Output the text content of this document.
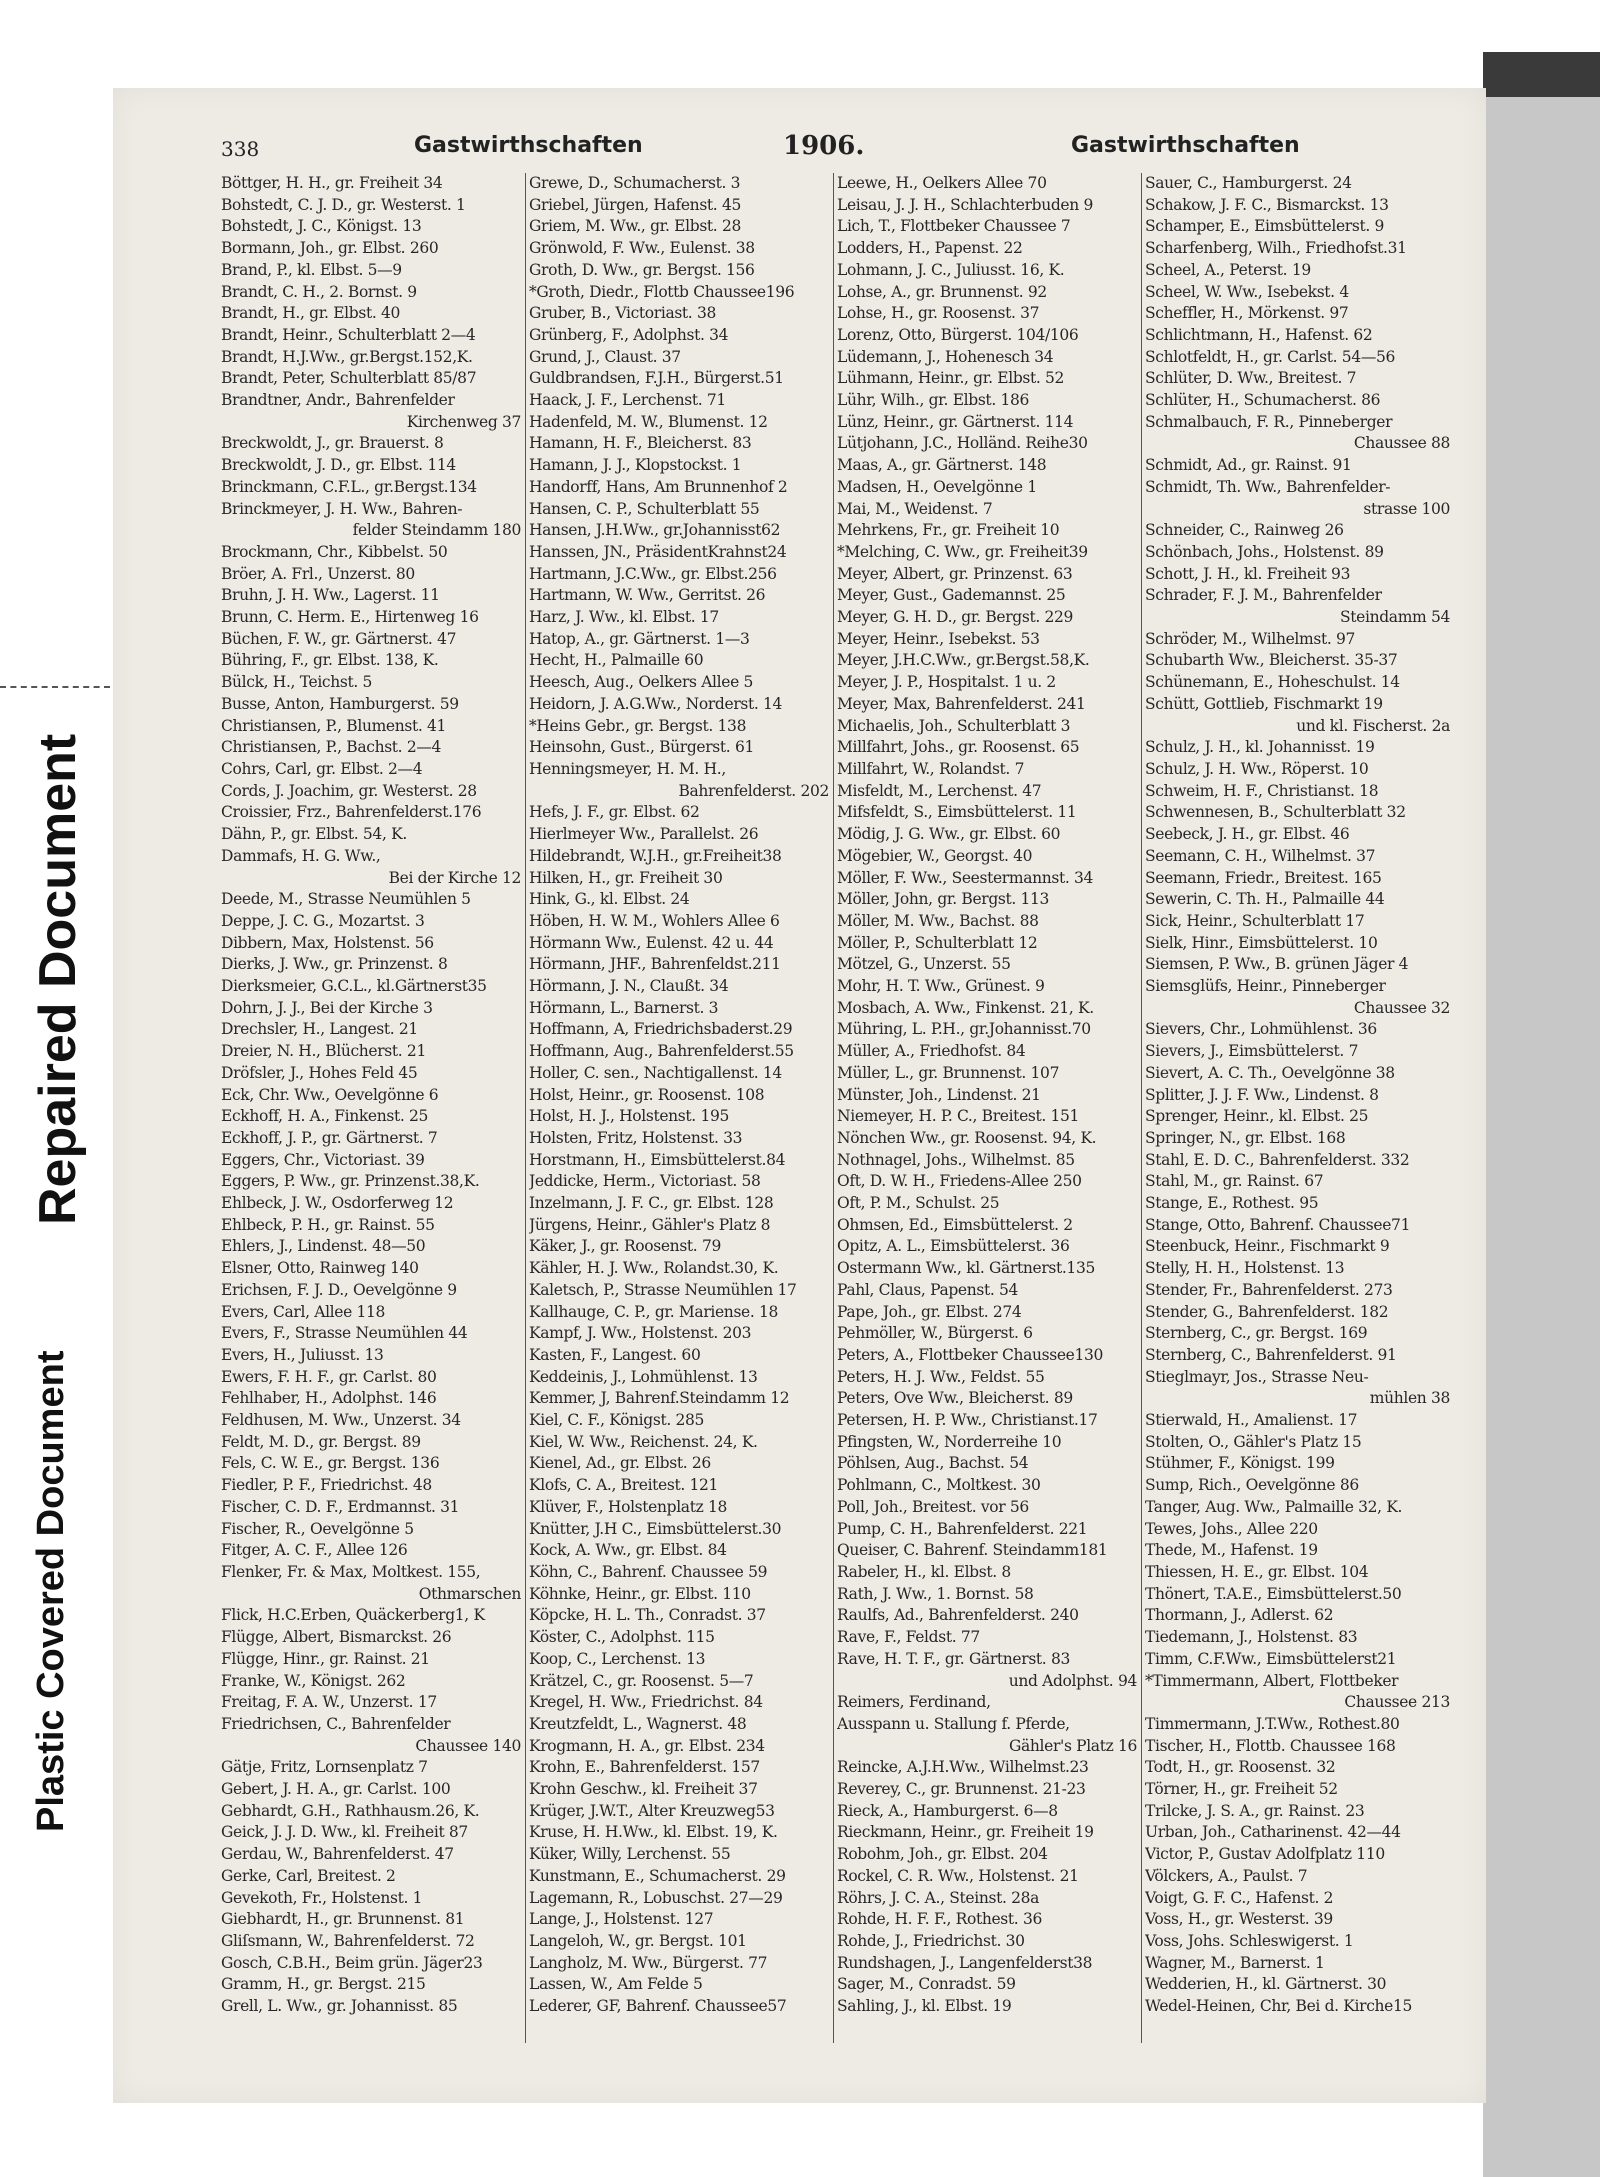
Repaired Document
Plastic Covered Document
338	Gastwirthschaften	1906.	Gastwirthschaften
Böttger, H. H., gr. Freiheit 34
Bohstedt, C. J. D., gr. Westerst. 1
Bohstedt, J. C., Königst. 13
Bormann, Joh., gr. Elbst. 260
Brand, P., kl. Elbst. 5—9
Brandt, C. H., 2. Bornst. 9
Brandt, H., gr. Elbst. 40
Brandt, Heinr., Schulterblatt 2—4
Brandt, H.J.Ww., gr.Bergst.152,K.
Brandt, Peter, Schulterblatt 85/87
Brandtner, Andr., Bahrenfelder
Kirchenweg 37
Breckwoldt, J., gr. Brauerst. 8
Breckwoldt, J. D., gr. Elbst. 114
Brinckmann, C.F.L., gr.Bergst.134
Brinckmeyer, J. H. Ww., Bahren-
felder Steindamm 180
Brockmann, Chr., Kibbelst. 50
Bröer, A. Frl., Unzerst. 80
Bruhn, J. H. Ww., Lagerst. 11
Brunn, C. Herm. E., Hirtenweg 16
Büchen, F. W., gr. Gärtnerst. 47
Bühring, F., gr. Elbst. 138, K.
Bülck, H., Teichst. 5
Busse, Anton, Hamburgerst. 59
Christiansen, P., Blumenst. 41
Christiansen, P., Bachst. 2—4
Cohrs, Carl, gr. Elbst. 2—4
Cords, J. Joachim, gr. Westerst. 28
Croissier, Frz., Bahrenfelderst.176
Dähn, P., gr. Elbst. 54, K.
Dammafs, H. G. Ww.,
Bei der Kirche 12
Deede, M., Strasse Neumühlen 5
Deppe, J. C. G., Mozartst. 3
Dibbern, Max, Holstenst. 56
Dierks, J. Ww., gr. Prinzenst. 8
Dierksmeier, G.C.L., kl.Gärtnerst35
Dohrn, J. J., Bei der Kirche 3
Drechsler, H., Langest. 21
Dreier, N. H., Blücherst. 21
Dröfsler, J., Hohes Feld 45
Eck, Chr. Ww., Oevelgönne 6
Eckhoff, H. A., Finkenst. 25
Eckhoff, J. P., gr. Gärtnerst. 7
Eggers, Chr., Victoriast. 39
Eggers, P. Ww., gr. Prinzenst.38,K.
Ehlbeck, J. W., Osdorferweg 12
Ehlbeck, P. H., gr. Rainst. 55
Ehlers, J., Lindenst. 48—50
Elsner, Otto, Rainweg 140
Erichsen, F. J. D., Oevelgönne 9
Evers, Carl, Allee 118
Evers, F., Strasse Neumühlen 44
Evers, H., Juliusst. 13
Ewers, F. H. F., gr. Carlst. 80
Fehlhaber, H., Adolphst. 146
Feldhusen, M. Ww., Unzerst. 34
Feldt, M. D., gr. Bergst. 89
Fels, C. W. E., gr. Bergst. 136
Fiedler, P. F., Friedrichst. 48
Fischer, C. D. F., Erdmannst. 31
Fischer, R., Oevelgönne 5
Fitger, A. C. F., Allee 126
Flenker, Fr. & Max, Moltkest. 155,
Othmarschen
Flick, H.C.Erben, Quäckerberg1, K
Flügge, Albert, Bismarckst. 26
Flügge, Hinr., gr. Rainst. 21
Franke, W., Königst. 262
Freitag, F. A. W., Unzerst. 17
Friedrichsen, C., Bahrenfelder
Chaussee 140
Gätje, Fritz, Lornsenplatz 7
Gebert, J. H. A., gr. Carlst. 100
Gebhardt, G.H., Rathhausm.26, K.
Geick, J. J. D. Ww., kl. Freiheit 87
Gerdau, W., Bahrenfelderst. 47
Gerke, Carl, Breitest. 2
Gevekoth, Fr., Holstenst. 1
Giebhardt, H., gr. Brunnenst. 81
Gliſsmann, W., Bahrenfelderst. 72
Gosch, C.B.H., Beim grün. Jäger23
Gramm, H., gr. Bergst. 215
Grell, L. Ww., gr. Johannisst. 85
Grewe, D., Schumacherst. 3
Griebel, Jürgen, Hafenst. 45
Griem, M. Ww., gr. Elbst. 28
Grönwold, F. Ww., Eulenst. 38
Groth, D. Ww., gr. Bergst. 156
*Groth, Diedr., Flottb Chaussee196
Gruber, B., Victoriast. 38
Grünberg, F., Adolphst. 34
Grund, J., Claust. 37
Guldbrandsen, F.J.H., Bürgerst.51
Haack, J. F., Lerchenst. 71
Hadenfeld, M. W., Blumenst. 12
Hamann, H. F., Bleicherst. 83
Hamann, J. J., Klopstockst. 1
Handorff, Hans, Am Brunnenhof 2
Hansen, C. P., Schulterblatt 55
Hansen, J.H.Ww., gr.Johannisst62
Hanssen, JN., PräsidentKrahnst24
Hartmann, J.C.Ww., gr. Elbst.256
Hartmann, W. Ww., Gerritst. 26
Harz, J. Ww., kl. Elbst. 17
Hatop, A., gr. Gärtnerst. 1—3
Hecht, H., Palmaille 60
Heesch, Aug., Oelkers Allee 5
Heidorn, J. A.G.Ww., Norderst. 14
*Heins Gebr., gr. Bergst. 138
Heinsohn, Gust., Bürgerst. 61
Henningsmeyer, H. M. H.,
Bahrenfelderst. 202
Hefs, J. F., gr. Elbst. 62
Hierlmeyer Ww., Parallelst. 26
Hildebrandt, W.J.H., gr.Freiheit38
Hilken, H., gr. Freiheit 30
Hink, G., kl. Elbst. 24
Höben, H. W. M., Wohlers Allee 6
Hörmann Ww., Eulenst. 42 u. 44
Hörmann, JHF., Bahrenfeldst.211
Hörmann, J. N., Claußt. 34
Hörmann, L., Barnerst. 3
Hoffmann, A, Friedrichsbaderst.29
Hoffmann, Aug., Bahrenfelderst.55
Holler, C. sen., Nachtigallenst. 14
Holst, Heinr., gr. Roosenst. 108
Holst, H. J., Holstenst. 195
Holsten, Fritz, Holstenst. 33
Horstmann, H., Eimsbüttelerst.84
Jeddicke, Herm., Victoriast. 58
Inzelmann, J. F. C., gr. Elbst. 128
Jürgens, Heinr., Gähler's Platz 8
Käker, J., gr. Roosenst. 79
Kähler, H. J. Ww., Rolandst.30, K.
Kaletsch, P., Strasse Neumühlen 17
Kallhauge, C. P., gr. Mariense. 18
Kampf, J. Ww., Holstenst. 203
Kasten, F., Langest. 60
Keddeinis, J., Lohmühlenst. 13
Kemmer, J, Bahrenf.Steindamm 12
Kiel, C. F., Königst. 285
Kiel, W. Ww., Reichenst. 24, K.
Kienel, Ad., gr. Elbst. 26
Klofs, C. A., Breitest. 121
Klüver, F., Holstenplatz 18
Knütter, J.H C., Eimsbüttelerst.30
Kock, A. Ww., gr. Elbst. 84
Köhn, C., Bahrenf. Chaussee 59
Köhnke, Heinr., gr. Elbst. 110
Köpcke, H. L. Th., Conradst. 37
Köster, C., Adolphst. 115
Koop, C., Lerchenst. 13
Krätzel, C., gr. Roosenst. 5—7
Kregel, H. Ww., Friedrichst. 84
Kreutzfeldt, L., Wagnerst. 48
Krogmann, H. A., gr. Elbst. 234
Krohn, E., Bahrenfelderst. 157
Krohn Geschw., kl. Freiheit 37
Krüger, J.W.T., Alter Kreuzweg53
Kruse, H. H.Ww., kl. Elbst. 19, K.
Küker, Willy, Lerchenst. 55
Kunstmann, E., Schumacherst. 29
Lagemann, R., Lobuschst. 27—29
Lange, J., Holstenst. 127
Langeloh, W., gr. Bergst. 101
Langholz, M. Ww., Bürgerst. 77
Lassen, W., Am Felde 5
Lederer, GF, Bahrenf. Chaussee57
Leewe, H., Oelkers Allee 70
Leisau, J. J. H., Schlachterbuden 9
Lich, T., Flottbeker Chaussee 7
Lodders, H., Papenst. 22
Lohmann, J. C., Juliusst. 16, K.
Lohse, A., gr. Brunnenst. 92
Lohse, H., gr. Roosenst. 37
Lorenz, Otto, Bürgerst. 104/106
Lüdemann, J., Hohenesch 34
Lühmann, Heinr., gr. Elbst. 52
Lühr, Wilh., gr. Elbst. 186
Lünz, Heinr., gr. Gärtnerst. 114
Lütjohann, J.C., Holländ. Reihe30
Maas, A., gr. Gärtnerst. 148
Madsen, H., Oevelgönne 1
Mai, M., Weidenst. 7
Mehrkens, Fr., gr. Freiheit 10
*Melching, C. Ww., gr. Freiheit39
Meyer, Albert, gr. Prinzenst. 63
Meyer, Gust., Gademannst. 25
Meyer, G. H. D., gr. Bergst. 229
Meyer, Heinr., Isebekst. 53
Meyer, J.H.C.Ww., gr.Bergst.58,K.
Meyer, J. P., Hospitalst. 1 u. 2
Meyer, Max, Bahrenfelderst. 241
Michaelis, Joh., Schulterblatt 3
Millfahrt, Johs., gr. Roosenst. 65
Millfahrt, W., Rolandst. 7
Misfeldt, M., Lerchenst. 47
Mifsfeldt, S., Eimsbüttelerst. 11
Mödig, J. G. Ww., gr. Elbst. 60
Mögebier, W., Georgst. 40
Möller, F. Ww., Seestermannst. 34
Möller, John, gr. Bergst. 113
Möller, M. Ww., Bachst. 88
Möller, P., Schulterblatt 12
Mötzel, G., Unzerst. 55
Mohr, H. T. Ww., Grünest. 9
Mosbach, A. Ww., Finkenst. 21, K.
Mühring, L. P.H., gr.Johannisst.70
Müller, A., Friedhofst. 84
Müller, L., gr. Brunnenst. 107
Münster, Joh., Lindenst. 21
Niemeyer, H. P. C., Breitest. 151
Nönchen Ww., gr. Roosenst. 94, K.
Nothnagel, Johs., Wilhelmst. 85
Oft, D. W. H., Friedens-Allee 250
Oft, P. M., Schulst. 25
Ohmsen, Ed., Eimsbüttelerst. 2
Opitz, A. L., Eimsbüttelerst. 36
Ostermann Ww., kl. Gärtnerst.135
Pahl, Claus, Papenst. 54
Pape, Joh., gr. Elbst. 274
Pehmöller, W., Bürgerst. 6
Peters, A., Flottbeker Chaussee130
Peters, H. J. Ww., Feldst. 55
Peters, Ove Ww., Bleicherst. 89
Petersen, H. P. Ww., Christianst.17
Pfingsten, W., Norderreihe 10
Pöhlsen, Aug., Bachst. 54
Pohlmann, C., Moltkest. 30
Poll, Joh., Breitest. vor 56
Pump, C. H., Bahrenfelderst. 221
Queiser, C. Bahrenf. Steindamm181
Rabeler, H., kl. Elbst. 8
Rath, J. Ww., 1. Bornst. 58
Raulfs, Ad., Bahrenfelderst. 240
Rave, F., Feldst. 77
Rave, H. T. F., gr. Gärtnerst. 83
und Adolphst. 94
Reimers, Ferdinand,
Ausspann u. Stallung f. Pferde,
Gähler's Platz 16
Reincke, A.J.H.Ww., Wilhelmst.23
Reverey, C., gr. Brunnenst. 21-23
Rieck, A., Hamburgerst. 6—8
Rieckmann, Heinr., gr. Freiheit 19
Robohm, Joh., gr. Elbst. 204
Rockel, C. R. Ww., Holstenst. 21
Röhrs, J. C. A., Steinst. 28a
Rohde, H. F. F., Rothest. 36
Rohde, J., Friedrichst. 30
Rundshagen, J., Langenfelderst38
Sager, M., Conradst. 59
Sahling, J., kl. Elbst. 19
Sauer, C., Hamburgerst. 24
Schakow, J. F. C., Bismarckst. 13
Schamper, E., Eimsbüttelerst. 9
Scharfenberg, Wilh., Friedhofst.31
Scheel, A., Peterst. 19
Scheel, W. Ww., Isebekst. 4
Scheffler, H., Mörkenst. 97
Schlichtmann, H., Hafenst. 62
Schlotfeldt, H., gr. Carlst. 54—56
Schlüter, D. Ww., Breitest. 7
Schlüter, H., Schumacherst. 86
Schmalbauch, F. R., Pinneberger
Chaussee 88
Schmidt, Ad., gr. Rainst. 91
Schmidt, Th. Ww., Bahrenfelder-
strasse 100
Schneider, C., Rainweg 26
Schönbach, Johs., Holstenst. 89
Schott, J. H., kl. Freiheit 93
Schrader, F. J. M., Bahrenfelder
Steindamm 54
Schröder, M., Wilhelmst. 97
Schubarth Ww., Bleicherst. 35-37
Schünemann, E., Hoheschulst. 14
Schütt, Gottlieb, Fischmarkt 19
und kl. Fischerst. 2a
Schulz, J. H., kl. Johannisst. 19
Schulz, J. H. Ww., Röperst. 10
Schweim, H. F., Christianst. 18
Schwennesen, B., Schulterblatt 32
Seebeck, J. H., gr. Elbst. 46
Seemann, C. H., Wilhelmst. 37
Seemann, Friedr., Breitest. 165
Sewerin, C. Th. H., Palmaille 44
Sick, Heinr., Schulterblatt 17
Sielk, Hinr., Eimsbüttelerst. 10
Siemsen, P. Ww., B. grünen Jäger 4
Siemsglüfs, Heinr., Pinneberger
Chaussee 32
Sievers, Chr., Lohmühlenst. 36
Sievers, J., Eimsbüttelerst. 7
Sievert, A. C. Th., Oevelgönne 38
Splitter, J. J. F. Ww., Lindenst. 8
Sprenger, Heinr., kl. Elbst. 25
Springer, N., gr. Elbst. 168
Stahl, E. D. C., Bahrenfelderst. 332
Stahl, M., gr. Rainst. 67
Stange, E., Rothest. 95
Stange, Otto, Bahrenf. Chaussee71
Steenbuck, Heinr., Fischmarkt 9
Stelly, H. H., Holstenst. 13
Stender, Fr., Bahrenfelderst. 273
Stender, G., Bahrenfelderst. 182
Sternberg, C., gr. Bergst. 169
Sternberg, C., Bahrenfelderst. 91
Stieglmayr, Jos., Strasse Neu-
mühlen 38
Stierwald, H., Amalienst. 17
Stolten, O., Gähler's Platz 15
Stühmer, F., Königst. 199
Sump, Rich., Oevelgönne 86
Tanger, Aug. Ww., Palmaille 32, K.
Tewes, Johs., Allee 220
Thede, M., Hafenst. 19
Thiessen, H. E., gr. Elbst. 104
Thönert, T.A.E., Eimsbüttelerst.50
Thormann, J., Adlerst. 62
Tiedemann, J., Holstenst. 83
Timm, C.F.Ww., Eimsbüttelerst21
*Timmermann, Albert, Flottbeker
Chaussee 213
Timmermann, J.T.Ww., Rothest.80
Tischer, H., Flottb. Chaussee 168
Todt, H., gr. Roosenst. 32
Törner, H., gr. Freiheit 52
Trilcke, J. S. A., gr. Rainst. 23
Urban, Joh., Catharinenst. 42—44
Victor, P., Gustav Adolfplatz 110
Völckers, A., Paulst. 7
Voigt, G. F. C., Hafenst. 2
Voss, H., gr. Westerst. 39
Voss, Johs. Schleswigerst. 1
Wagner, M., Barnerst. 1
Wedderien, H., kl. Gärtnerst. 30
Wedel-Heinen, Chr, Bei d. Kirche15
